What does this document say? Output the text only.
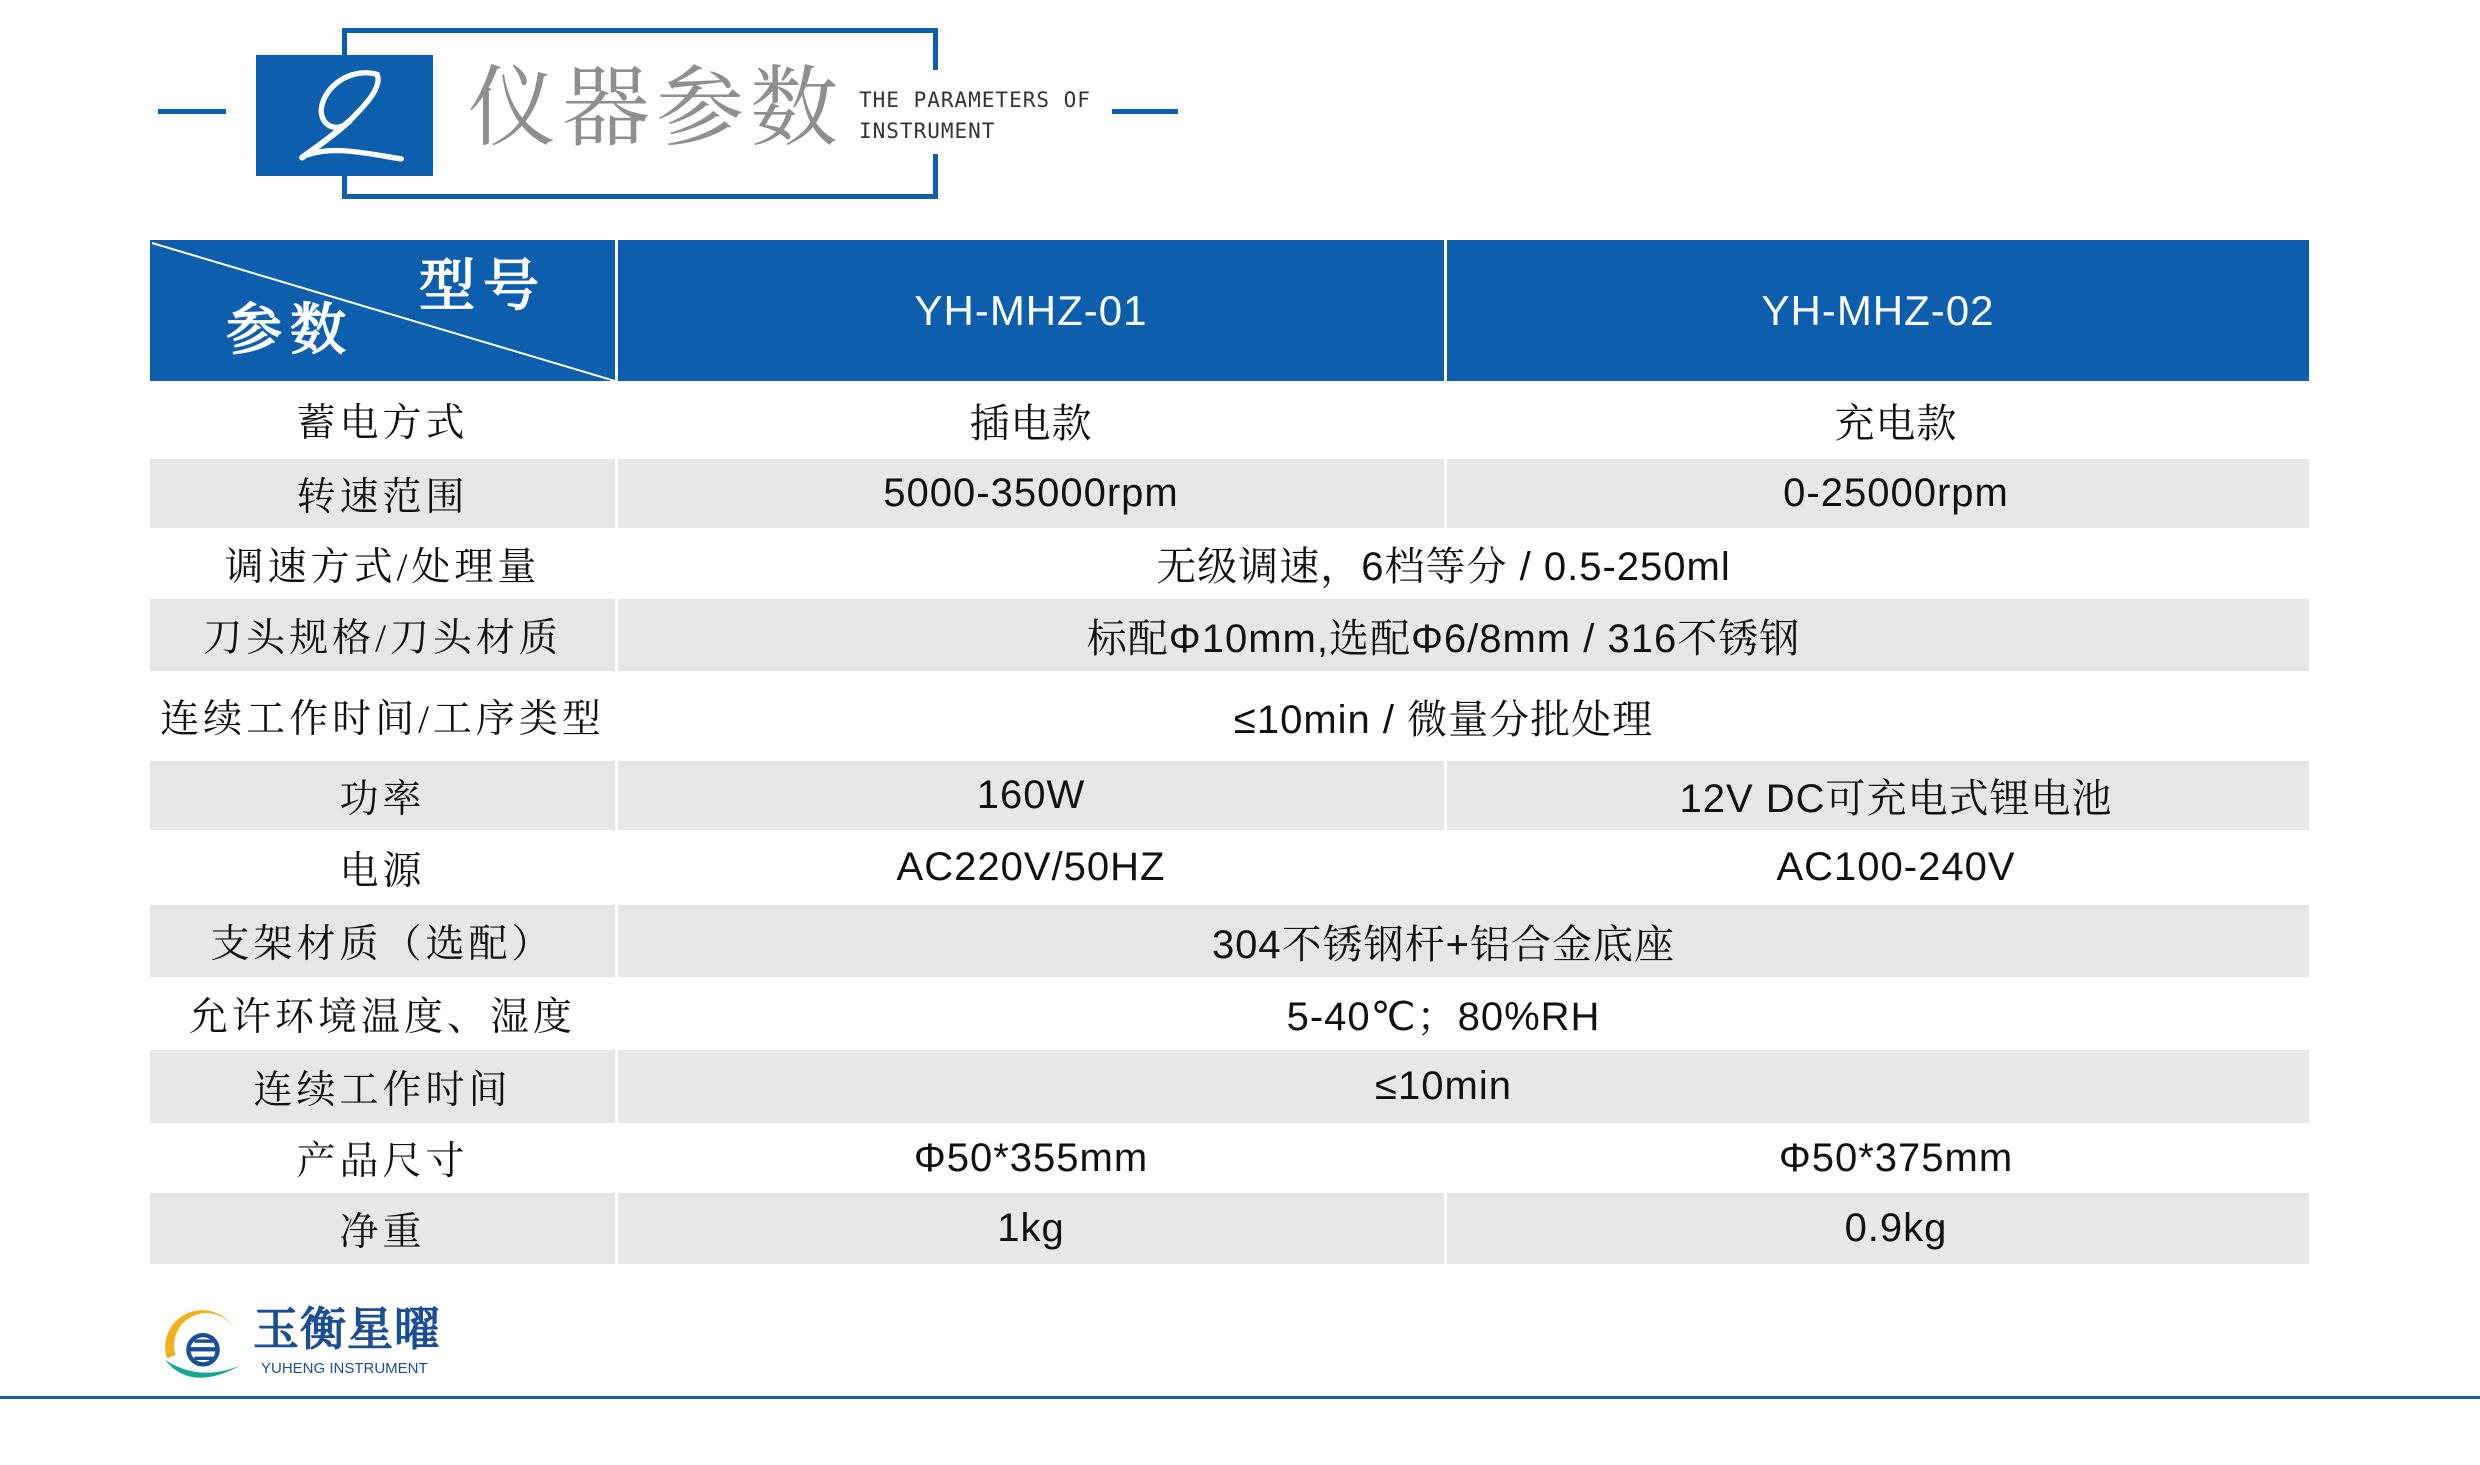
仪器参数 THE PARAMETERS OF
INSTRUMENT
型号
参数	YH-MHZ-01	YH-MHZ-02
蓄电方式	插电款	充电款
转速范围	5000-35000rpm	0-25000rpm
调速方式/处理量	无级调速，6档等分 / 0.5-250ml
刀头规格/刀头材质	标配Φ10mm,选配Φ6/8mm / 316不锈钢
连续工作时间/工序类型	≤10min / 微量分批处理
功率	160W	12V DC可充电式锂电池
电源	AC220V/50HZ	AC100-240V
支架材质（选配）	304不锈钢杆+铝合金底座
允许环境温度、湿度	5-40℃；80%RH
连续工作时间	≤10min
产品尺寸	Φ50*355mm	Φ50*375mm
净重	1kg	0.9kg
玉衡星曜
YUHENG INSTRUMENT
